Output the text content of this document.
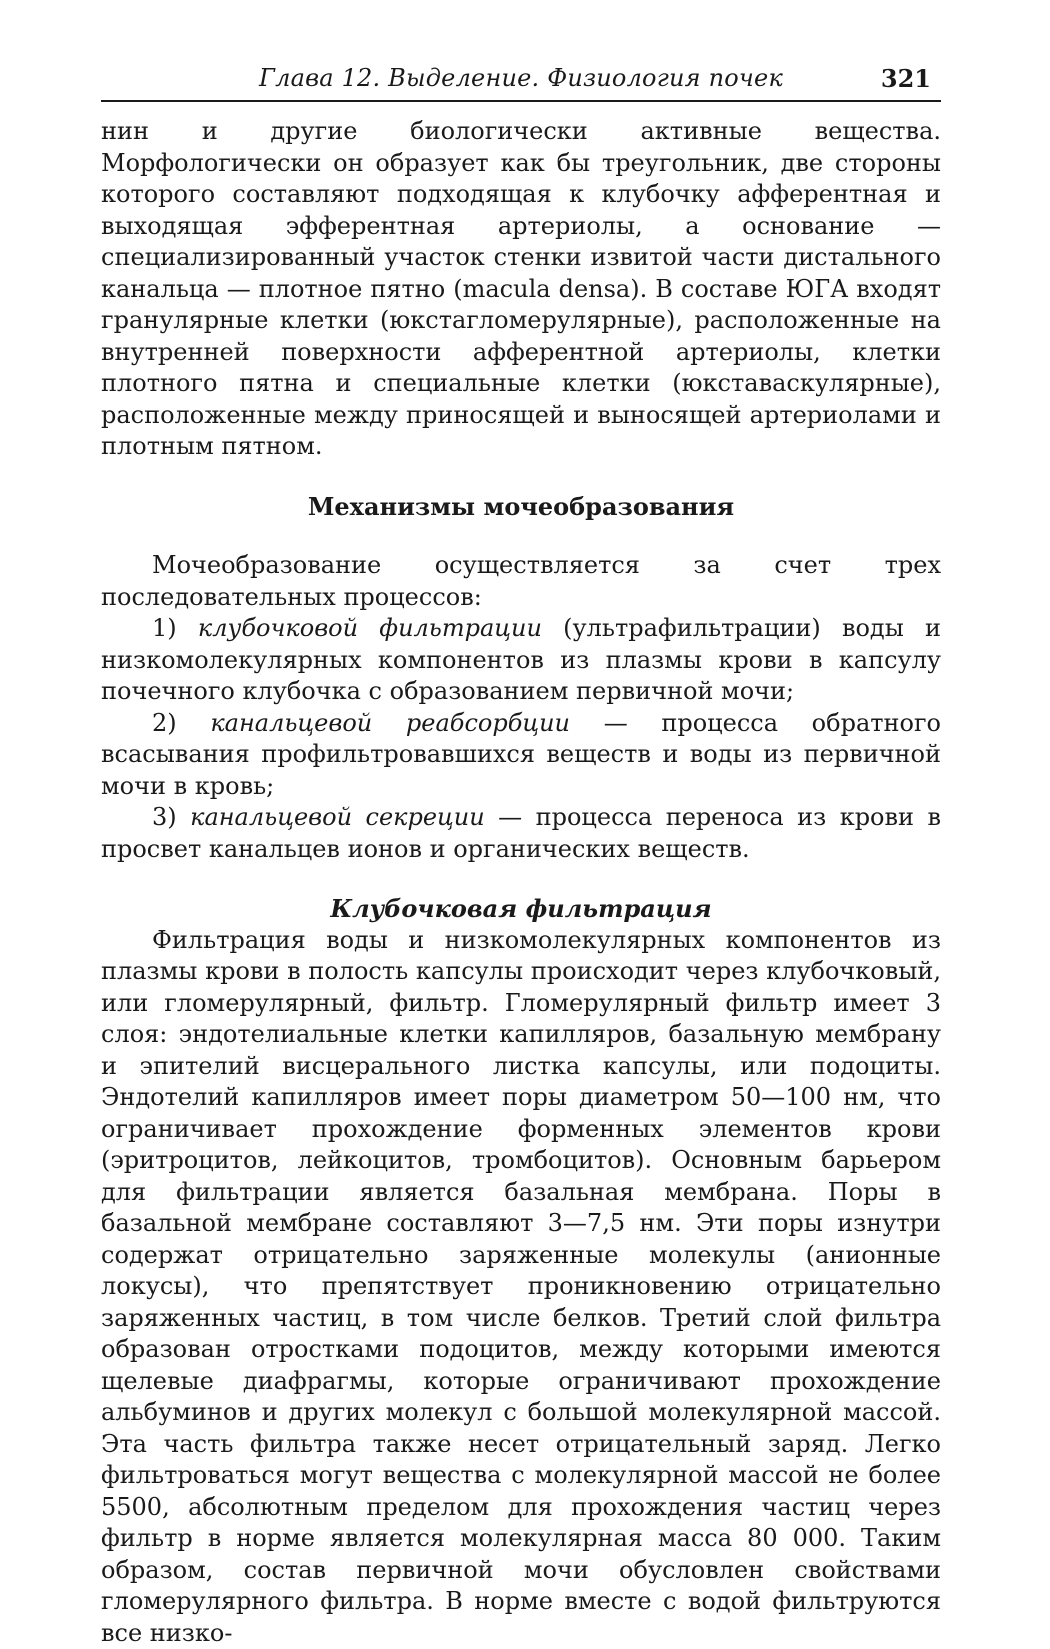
Глава 12. Выделение. Физиология почек	321

нин и другие биологически активные вещества. Морфологически он образует как бы треугольник, две стороны которого составляют подходящая к клубочку афферентная и выходящая эфферентная артериолы, а основание — специализированный участок стенки извитой части дистального канальца — плотное пятно (macula densa). В составе ЮГА входят гранулярные клетки (юкстагломерулярные), расположенные на внутренней поверхности афферентной артериолы, клетки плотного пятна и специальные клетки (юкставаскулярные), расположенные между приносящей и выносящей артериолами и плотным пятном.

Механизмы мочеобразования

Мочеобразование осуществляется за счет трех последовательных процессов:

1) клубочковой фильтрации (ультрафильтрации) воды и низкомолекулярных компонентов из плазмы крови в капсулу почечного клубочка с образованием первичной мочи;

2) канальцевой реабсорбции — процесса обратного всасывания профильтровавшихся веществ и воды из первичной мочи в кровь;

3) канальцевой секреции — процесса переноса из крови в просвет канальцев ионов и органических веществ.

Клубочковая фильтрация

Фильтрация воды и низкомолекулярных компонентов из плазмы крови в полость капсулы происходит через клубочковый, или гломерулярный, фильтр. Гломерулярный фильтр имеет 3 слоя: эндотелиальные клетки капилляров, базальную мембрану и эпителий висцерального листка капсулы, или подоциты. Эндотелий капилляров имеет поры диаметром 50—100 нм, что ограничивает прохождение форменных элементов крови (эритроцитов, лейкоцитов, тромбоцитов). Основным барьером для фильтрации является базальная мембрана. Поры в базальной мембране составляют 3—7,5 нм. Эти поры изнутри содержат отрицательно заряженные молекулы (анионные локусы), что препятствует проникновению отрицательно заряженных частиц, в том числе белков. Третий слой фильтра образован отростками подоцитов, между которыми имеются щелевые диафрагмы, которые ограничивают прохождение альбуминов и других молекул с большой молекулярной массой. Эта часть фильтра также несет отрицательный заряд. Легко фильтроваться могут вещества с молекулярной массой не более 5500, абсолютным пределом для прохождения частиц через фильтр в норме является молекулярная масса 80 000. Таким образом, состав первичной мочи обусловлен свойствами гломерулярного фильтра. В норме вместе с водой фильтруются все низко-
